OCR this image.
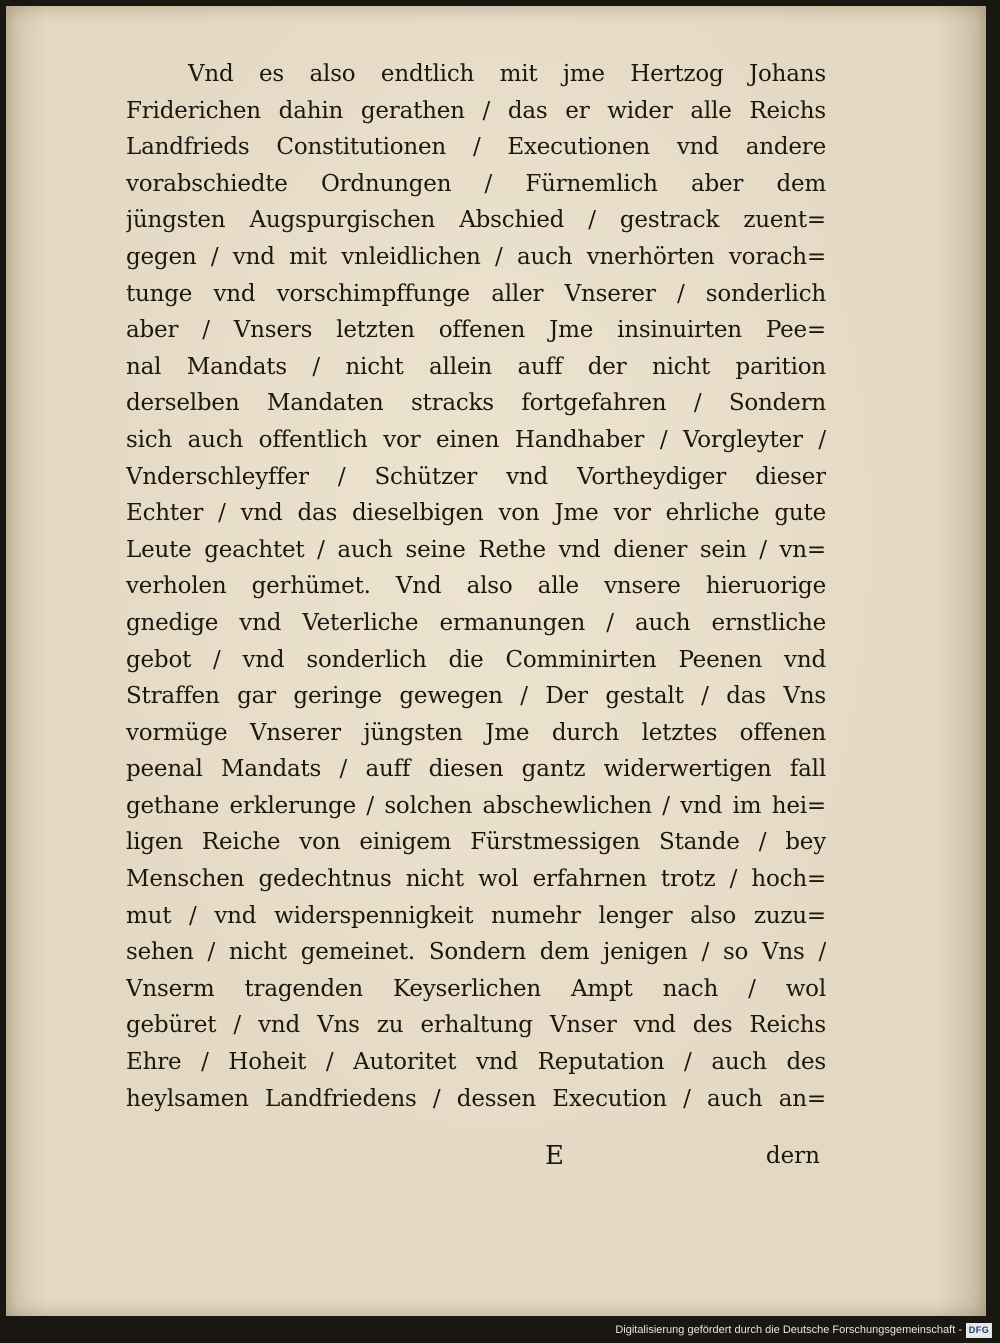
Vnd es also endtlich mit jme Hertzog Johans
Friderichen dahin gerathen / das er wider alle Reichs
Landfrieds Constitutionen / Executionen vnd andere
vorabschiedte Ordnungen / Fürnemlich aber dem
jüngsten Augspurgischen Abschied / gestrack zuent=
gegen / vnd mit vnleidlichen / auch vnerhörten vorach=
tunge vnd vorschimpffunge aller Vnserer / sonderlich
aber / Vnsers letzten offenen Jme insinuirten Pee=
nal Mandats / nicht allein auff der nicht parition
derselben Mandaten stracks fortgefahren / Sondern
sich auch offentlich vor einen Handhaber / Vorgleyter /
Vnderschleyffer / Schützer vnd Vortheydiger dieser
Echter / vnd das dieselbigen von Jme vor ehrliche gute
Leute geachtet / auch seine Rethe vnd diener sein / vn=
verholen gerhümet. Vnd also alle vnsere hieruorige
gnedige vnd Veterliche ermanungen / auch ernstliche
gebot / vnd sonderlich die Comminirten Peenen vnd
Straffen gar geringe gewegen / Der gestalt / das Vns
vormüge Vnserer jüngsten Jme durch letztes offenen
peenal Mandats / auff diesen gantz widerwertigen fall
gethane erklerunge / solchen abschewlichen / vnd im hei=
ligen Reiche von einigem Fürstmessigen Stande / bey
Menschen gedechtnus nicht wol erfahrnen trotz / hoch=
mut / vnd widerspennigkeit numehr lenger also zuzu=
sehen / nicht gemeinet. Sondern dem jenigen / so Vns /
Vnserm tragenden Keyserlichen Ampt nach / wol
gebüret / vnd Vns zu erhaltung Vnser vnd des Reichs
Ehre / Hoheit / Autoritet vnd Reputation / auch des
heylsamen Landfriedens / dessen Execution / auch an=
E	dern
Digitalisierung gefördert durch die Deutsche Forschungsgemeinschaft - DFG
